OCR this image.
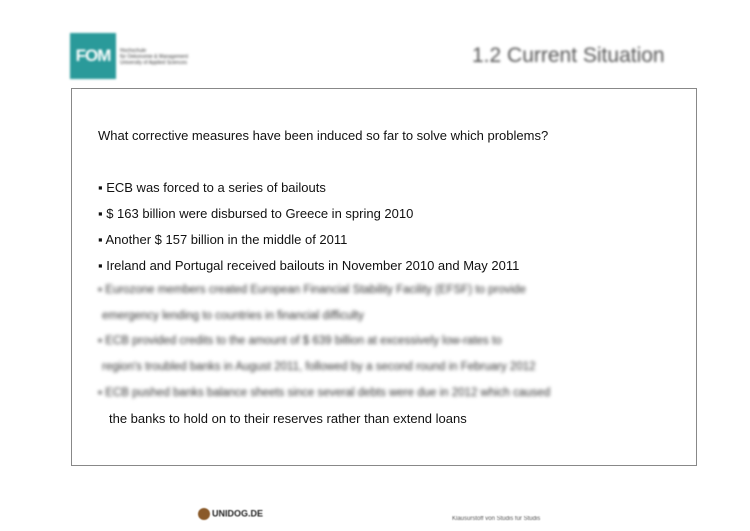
FOM	Hochschule
für Oekonomie & Management
University of Applied Sciences	1.2 Current Situation
What corrective measures have been induced so far to solve which problems?
▪ ECB was forced to a series of bailouts
▪ $ 163 billion were disbursed to Greece in spring 2010
▪ Another $ 157 billion in the middle of 2011
▪ Ireland and Portugal received bailouts in November 2010 and May 2011
▪ Eurozone members created European Financial Stability Facility (EFSF) to provide
emergency lending to countries in financial difficulty
▪ ECB provided credits to the amount of $ 639 billion at excessively low-rates to
region's troubled banks in August 2011, followed by a second round in February 2012
▪ ECB pushed banks balance sheets since several debts were due in 2012 which caused
the banks to hold on to their reserves rather than extend loans
UNIDOG.DE
Klausurstoff von Studis für Studis
